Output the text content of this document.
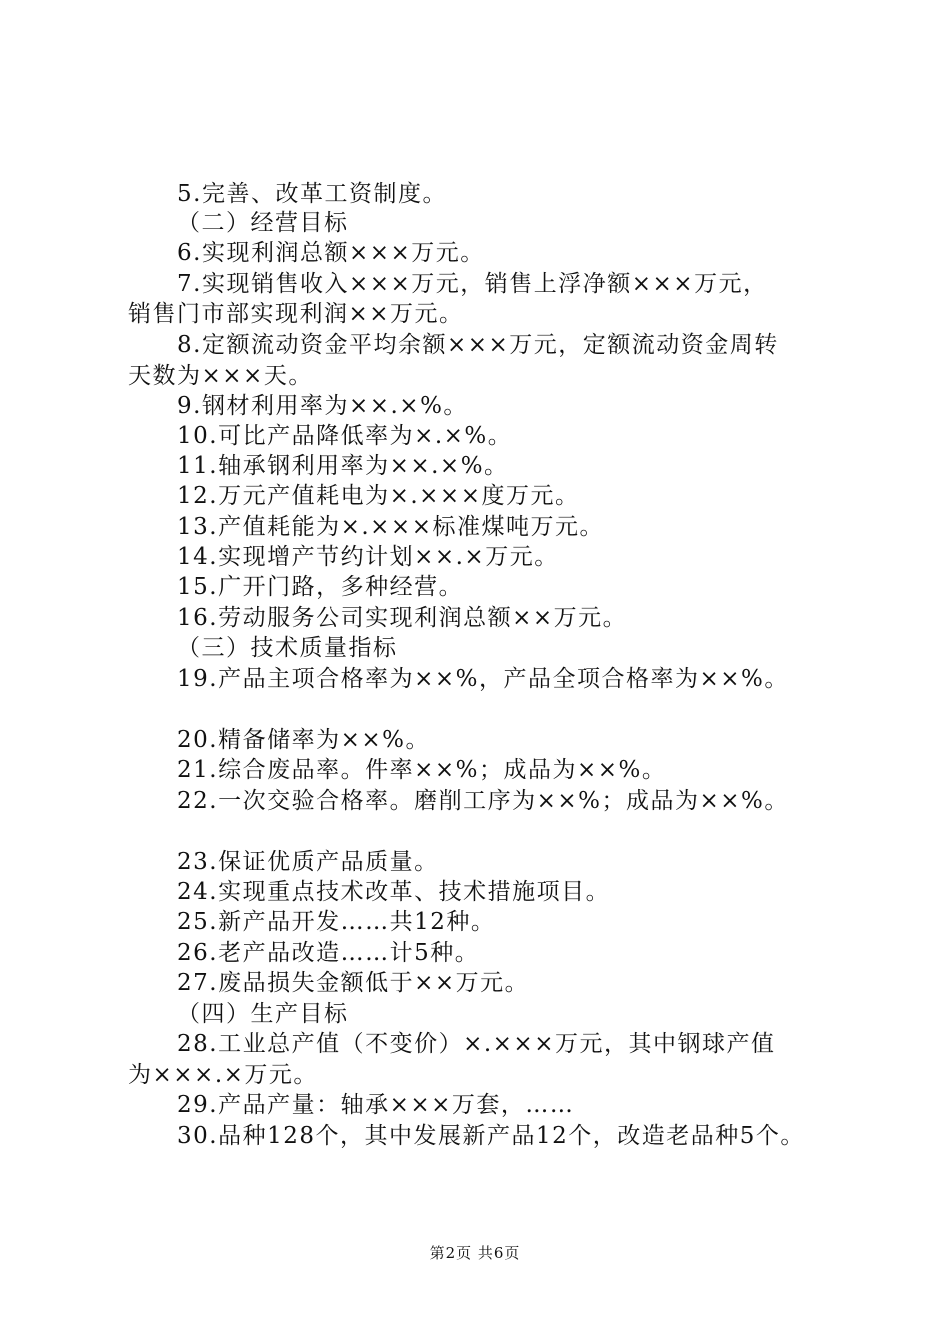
5.完善、改革工资制度。
（二）经营目标
6.实现利润总额×××万元。
7.实现销售收入×××万元，销售上浮净额×××万元，
销售门市部实现利润××万元。
8.定额流动资金平均余额×××万元，定额流动资金周转
天数为×××天。
9.钢材利用率为××.×%。
10.可比产品降低率为×.×%。
11.轴承钢利用率为××.×%。
12.万元产值耗电为×.×××度万元。
13.产值耗能为×.×××标准煤吨万元。
14.实现增产节约计划××.×万元。
15.广开门路，多种经营。
16.劳动服务公司实现利润总额××万元。
（三）技术质量指标
19.产品主项合格率为××%，产品全项合格率为××%。
20.精备储率为××%。
21.综合废品率。件率××%；成品为××%。
22.一次交验合格率。磨削工序为××%；成品为××%。
23.保证优质产品质量。
24.实现重点技术改革、技术措施项目。
25.新产品开发……共12种。
26.老产品改造……计5种。
27.废品损失金额低于××万元。
（四）生产目标
28.工业总产值（不变价）×.×××万元，其中钢球产值
为×××.×万元。
29.产品产量：轴承×××万套，……
30.品种128个，其中发展新产品12个，改造老品种5个。
第2页 共6页
